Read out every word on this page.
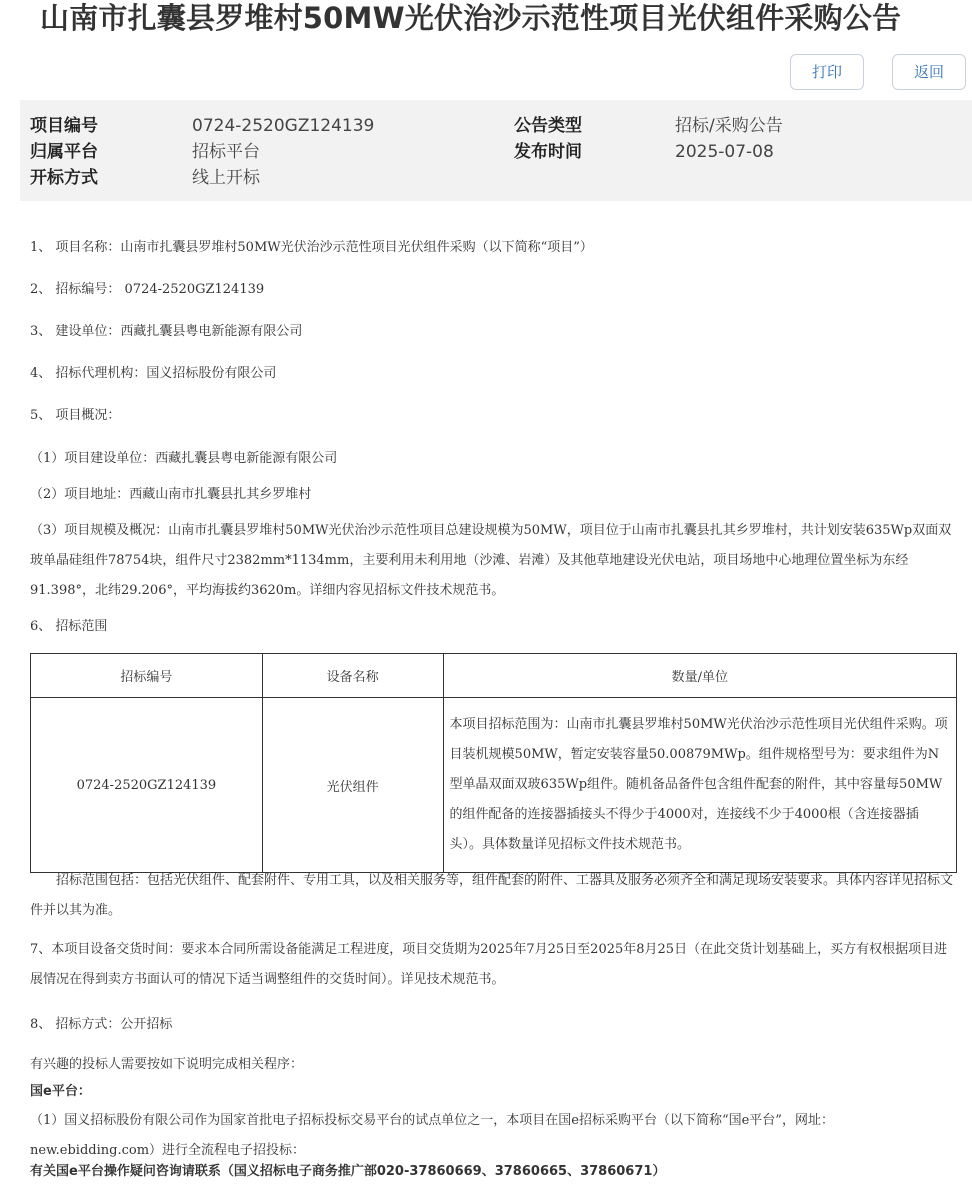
山南市扎囊县罗堆村50MW光伏治沙示范性项目光伏组件采购公告
打印	返回
项目编号	0724-2520GZ124139	公告类型	招标/采购公告
归属平台	招标平台	发布时间	2025-07-08
开标方式	线上开标

1、 项目名称：山南市扎囊县罗堆村50MW光伏治沙示范性项目光伏组件采购（以下简称“项目”）

2、 招标编号： 0724-2520GZ124139

3、 建设单位：西藏扎囊县粤电新能源有限公司

4、 招标代理机构：国义招标股份有限公司

5、 项目概况：

（1）项目建设单位：西藏扎囊县粤电新能源有限公司

（2）项目地址：西藏山南市扎囊县扎其乡罗堆村

（3）项目规模及概况：山南市扎囊县罗堆村50MW光伏治沙示范性项目总建设规模为50MW，项目位于山南市扎囊县扎其乡罗堆村，共计划安装635Wp双面双玻单晶硅组件78754块，组件尺寸2382mm*1134mm，主要利用未利用地（沙滩、岩滩）及其他草地建设光伏电站，项目场地中心地理位置坐标为东经91.398°，北纬29.206°，平均海拔约3620m。详细内容见招标文件技术规范书。

6、 招标范围

招标编号	设备名称	数量/单位
0724-2520GZ124139	光伏组件	本项目招标范围为：山南市扎囊县罗堆村50MW光伏治沙示范性项目光伏组件采购。项目装机规模50MW，暂定安装容量50.00879MWp。组件规格型号为：要求组件为N型单晶双面双玻635Wp组件。随机备品备件包含组件配套的附件，其中容量每50MW的组件配备的连接器插接头不得少于4000对，连接线不少于4000根（含连接器插头）。具体数量详见招标文件技术规范书。

招标范围包括：包括光伏组件、配套附件、专用工具，以及相关服务等，组件配套的附件、工器具及服务必须齐全和满足现场安装要求。具体内容详见招标文件并以其为准。

7、本项目设备交货时间：要求本合同所需设备能满足工程进度，项目交货期为2025年7月25日至2025年8月25日（在此交货计划基础上，买方有权根据项目进展情况在得到卖方书面认可的情况下适当调整组件的交货时间）。详见技术规范书。

8、 招标方式：公开招标

有兴趣的投标人需要按如下说明完成相关程序：

国e平台：

（1）国义招标股份有限公司作为国家首批电子招标投标交易平台的试点单位之一，本项目在国e招标采购平台（以下简称“国e平台”，网址：new.ebidding.com）进行全流程电子招投标：

有关国e平台操作疑问咨询请联系（国义招标电子商务推广部020-37860669、37860665、37860671）
